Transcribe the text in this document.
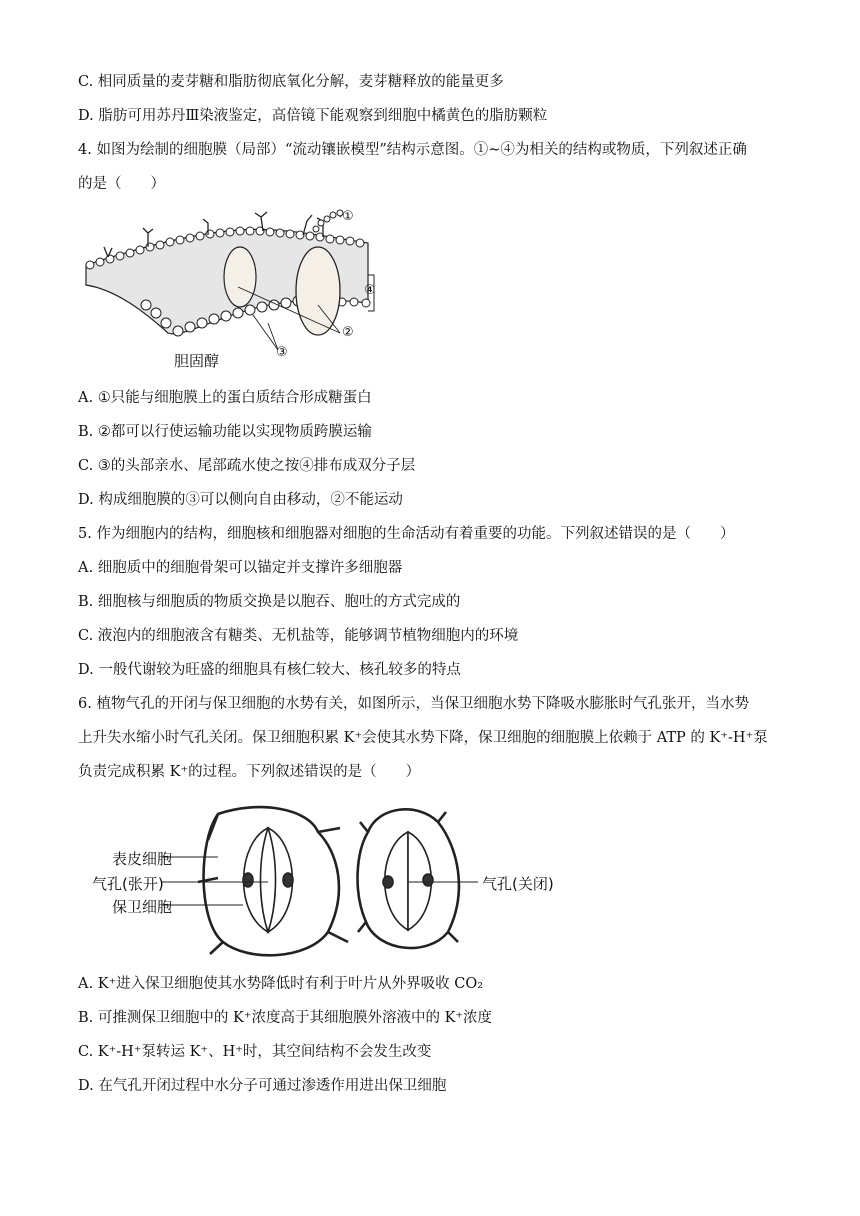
C. 相同质量的麦芽糖和脂肪彻底氧化分解，麦芽糖释放的能量更多
D. 脂肪可用苏丹Ⅲ染液鉴定，高倍镜下能观察到细胞中橘黄色的脂肪颗粒
4. 如图为绘制的细胞膜（局部）“流动镶嵌模型”结构示意图。①~④为相关的结构或物质，下列叙述正确
的是（　　）
①
②
③
④
胆固醇
A. ①只能与细胞膜上的蛋白质结合形成糖蛋白
B. ②都可以行使运输功能以实现物质跨膜运输
C. ③的头部亲水、尾部疏水使之按④排布成双分子层
D. 构成细胞膜的③可以侧向自由移动，②不能运动
5. 作为细胞内的结构，细胞核和细胞器对细胞的生命活动有着重要的功能。下列叙述错误的是（　　）
A. 细胞质中的细胞骨架可以锚定并支撑许多细胞器
B. 细胞核与细胞质的物质交换是以胞吞、胞吐的方式完成的
C. 液泡内的细胞液含有糖类、无机盐等，能够调节植物细胞内的环境
D. 一般代谢较为旺盛的细胞具有核仁较大、核孔较多的特点
6. 植物气孔的开闭与保卫细胞的水势有关，如图所示，当保卫细胞水势下降吸水膨胀时气孔张开，当水势
上升失水缩小时气孔关闭。保卫细胞积累 K⁺会使其水势下降，保卫细胞的细胞膜上依赖于 ATP 的 K⁺-H⁺泵
负责完成积累 K⁺的过程。下列叙述错误的是（　　）
表皮细胞
气孔(张开)
保卫细胞
气孔(关闭)
A. K⁺进入保卫细胞使其水势降低时有利于叶片从外界吸收 CO₂
B. 可推测保卫细胞中的 K⁺浓度高于其细胞膜外溶液中的 K⁺浓度
C. K⁺-H⁺泵转运 K⁺、H⁺时，其空间结构不会发生改变
D. 在气孔开闭过程中水分子可通过渗透作用进出保卫细胞
